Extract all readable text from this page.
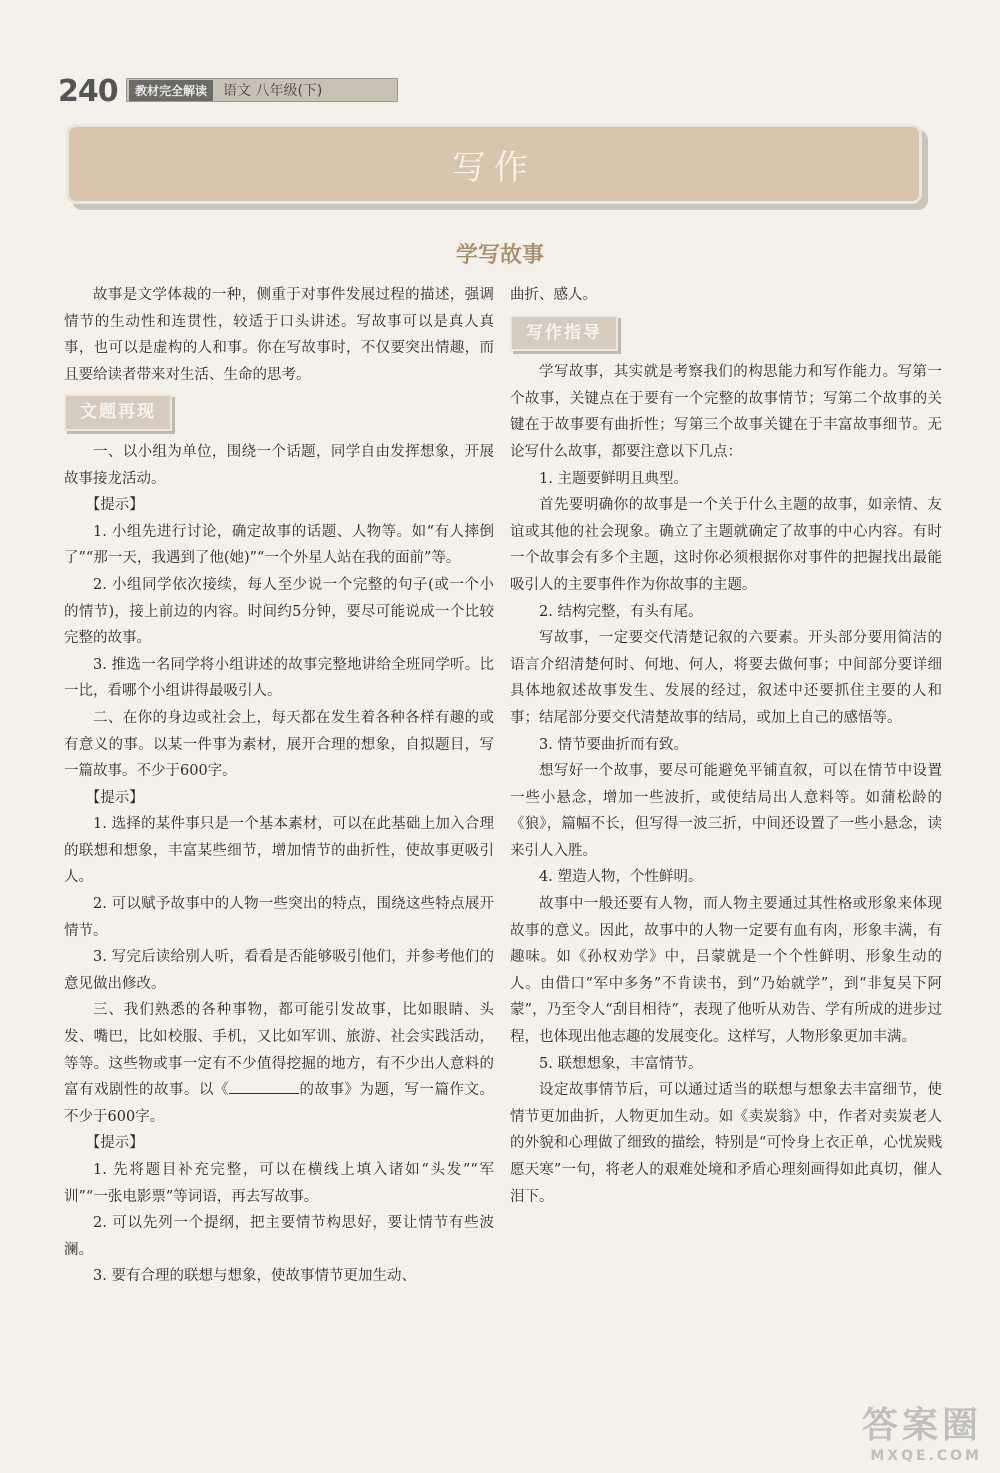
240	教材完全解读	语文 八年级(下)
写作
学写故事

故事是文学体裁的一种，侧重于对事件发展过程的描述，强调情节的生动性和连贯性，较适于口头讲述。写故事可以是真人真事，也可以是虚构的人和事。你在写故事时，不仅要突出情趣，而且要给读者带来对生活、生命的思考。

文题再现

一、以小组为单位，围绕一个话题，同学自由发挥想象，开展故事接龙活动。

【提示】

1. 小组先进行讨论，确定故事的话题、人物等。如“有人摔倒了”“那一天，我遇到了他(她)”“一个外星人站在我的面前”等。

2. 小组同学依次接续，每人至少说一个完整的句子(或一个小的情节)，接上前边的内容。时间约5分钟，要尽可能说成一个比较完整的故事。

3. 推选一名同学将小组讲述的故事完整地讲给全班同学听。比一比，看哪个小组讲得最吸引人。

二、在你的身边或社会上，每天都在发生着各种各样有趣的或有意义的事。以某一件事为素材，展开合理的想象，自拟题目，写一篇故事。不少于600字。

【提示】

1. 选择的某件事只是一个基本素材，可以在此基础上加入合理的联想和想象，丰富某些细节，增加情节的曲折性，使故事更吸引人。

2. 可以赋予故事中的人物一些突出的特点，围绕这些特点展开情节。

3. 写完后读给别人听，看看是否能够吸引他们，并参考他们的意见做出修改。

三、我们熟悉的各种事物，都可能引发故事，比如眼睛、头发、嘴巴，比如校服、手机，又比如军训、旅游、社会实践活动，等等。这些物或事一定有不少值得挖掘的地方，有不少出人意料的富有戏剧性的故事。以《	的故事》为题，写一篇作文。不少于600字。

【提示】

1. 先将题目补充完整，可以在横线上填入诸如“头发”“军训”“一张电影票”等词语，再去写故事。

2. 可以先列一个提纲，把主要情节构思好，要让情节有些波澜。

3. 要有合理的联想与想象，使故事情节更加生动、

曲折、感人。

写作指导

学写故事，其实就是考察我们的构思能力和写作能力。写第一个故事，关键点在于要有一个完整的故事情节；写第二个故事的关键在于故事要有曲折性；写第三个故事关键在于丰富故事细节。无论写什么故事，都要注意以下几点：

1. 主题要鲜明且典型。

首先要明确你的故事是一个关于什么主题的故事，如亲情、友谊或其他的社会现象。确立了主题就确定了故事的中心内容。有时一个故事会有多个主题，这时你必须根据你对事件的把握找出最能吸引人的主要事件作为你故事的主题。

2. 结构完整，有头有尾。

写故事，一定要交代清楚记叙的六要素。开头部分要用简洁的语言介绍清楚何时、何地、何人，将要去做何事；中间部分要详细具体地叙述故事发生、发展的经过，叙述中还要抓住主要的人和事；结尾部分要交代清楚故事的结局，或加上自己的感悟等。

3. 情节要曲折而有致。

想写好一个故事，要尽可能避免平铺直叙，可以在情节中设置一些小悬念，增加一些波折，或使结局出人意料等。如蒲松龄的《狼》，篇幅不长，但写得一波三折，中间还设置了一些小悬念，读来引人入胜。

4. 塑造人物，个性鲜明。

故事中一般还要有人物，而人物主要通过其性格或形象来体现故事的意义。因此，故事中的人物一定要有血有肉，形象丰满，有趣味。如《孙权劝学》中，吕蒙就是一个个性鲜明、形象生动的人。由借口“军中多务”不肯读书，到“乃始就学”，到“非复吴下阿蒙”，乃至令人“刮目相待”，表现了他听从劝告、学有所成的进步过程，也体现出他志趣的发展变化。这样写，人物形象更加丰满。

5. 联想想象，丰富情节。

设定故事情节后，可以通过适当的联想与想象去丰富细节，使情节更加曲折，人物更加生动。如《卖炭翁》中，作者对卖炭老人的外貌和心理做了细致的描绘，特别是“可怜身上衣正单，心忧炭贱愿天寒”一句，将老人的艰难处境和矛盾心理刻画得如此真切，催人泪下。

答案圈
MXQE.COM
